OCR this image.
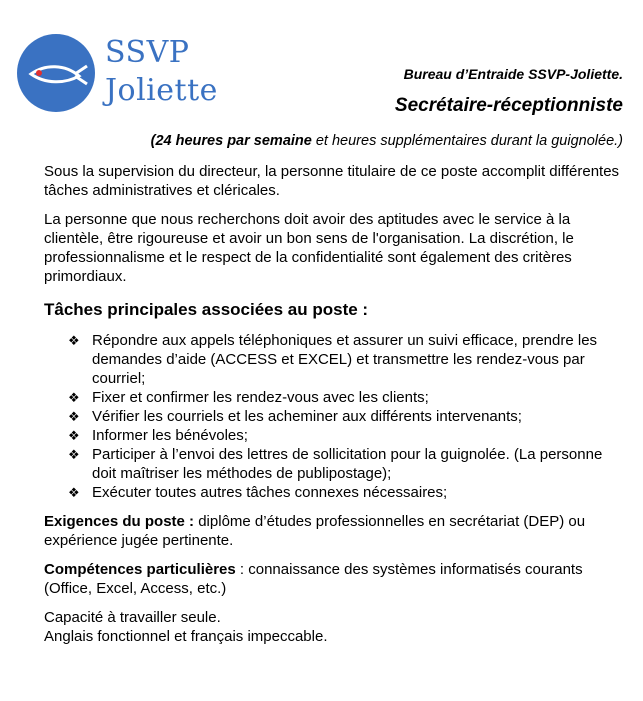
SSVP
Joliette	Bureau d’Entraide SSVP-Joliette.
Secrétaire-réceptionniste
(24 heures par semaine et heures supplémentaires durant la guignolée.)

Sous la supervision du directeur, la personne titulaire de ce poste accomplit différentes tâches administratives et cléricales.

La personne que nous recherchons doit avoir des aptitudes avec le service à la clientèle, être rigoureuse et avoir un bon sens de l'organisation. La discrétion, le professionnalisme et le respect de la confidentialité sont également des critères primordiaux.

Tâches principales associées au poste :
❖ Répondre aux appels téléphoniques et assurer un suivi efficace, prendre les demandes d’aide (ACCESS et EXCEL) et transmettre les rendez-vous par courriel;
❖ Fixer et confirmer les rendez-vous avec les clients;
❖ Vérifier les courriels et les acheminer aux différents intervenants;
❖ Informer les bénévoles;
❖ Participer à l’envoi des lettres de sollicitation pour la guignolée. (La personne doit maîtriser les méthodes de publipostage);
❖ Exécuter toutes autres tâches connexes nécessaires;

Exigences du poste : diplôme d’études professionnelles en secrétariat (DEP) ou expérience jugée pertinente.

Compétences particulières : connaissance des systèmes informatisés courants (Office, Excel, Access, etc.)

Capacité à travailler seule.
Anglais fonctionnel et français impeccable.
